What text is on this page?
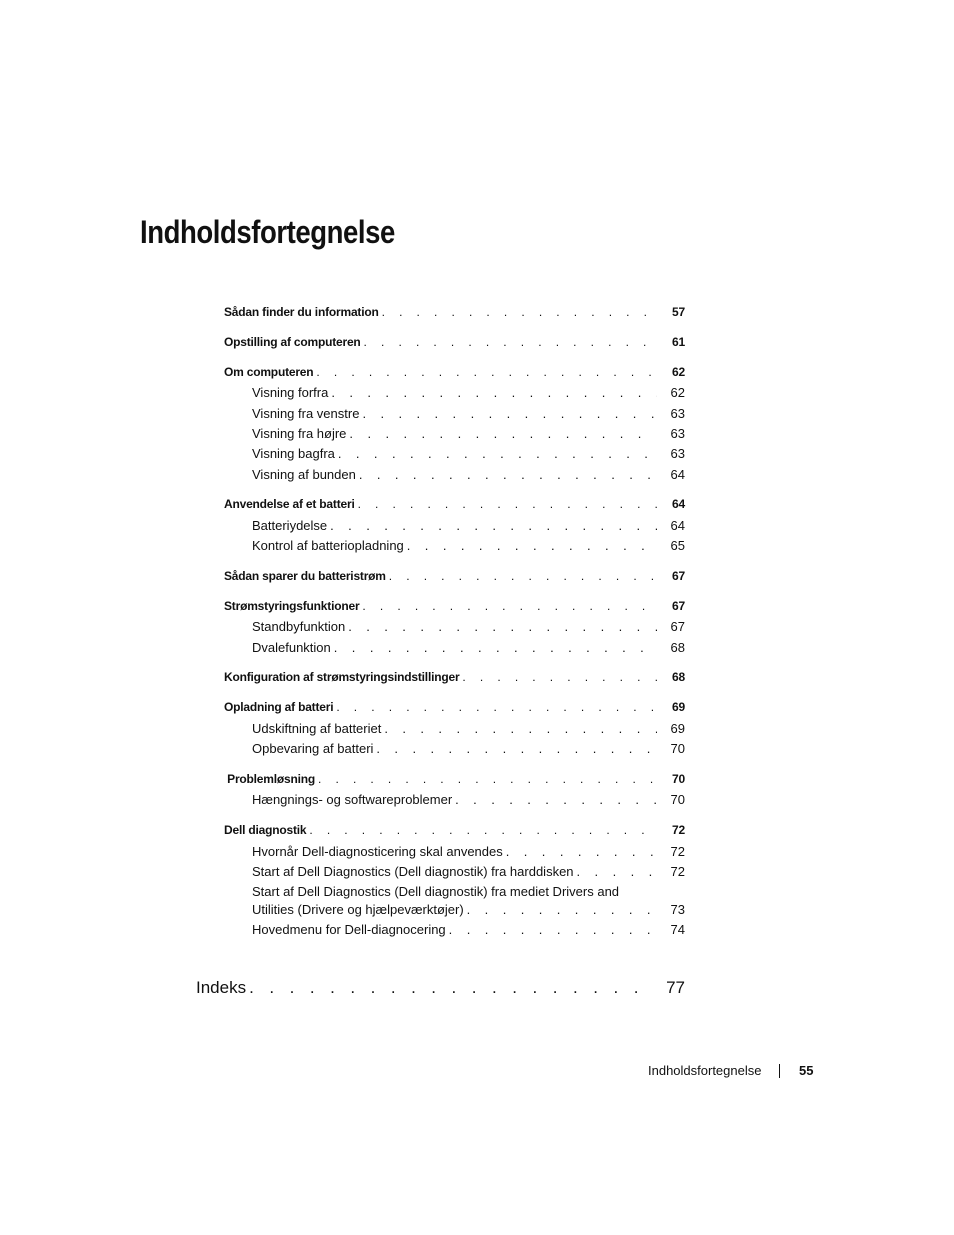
Indholdsfortegnelse
Sådan finder du information . . .	57
Opstilling af computeren . . .	61
Om computeren . . .	62
Visning forfra . . .	62
Visning fra venstre . . .	63
Visning fra højre . . .	63
Visning bagfra . . .	63
Visning af bunden . . .	64
Anvendelse af et batteri . . .	64
Batteriydelse . . .	64
Kontrol af batteriopladning . . .	65
Sådan sparer du batteristrøm . . .	67
Strømstyringsfunktioner . . .	67
Standbyfunktion . . .	67
Dvalefunktion . . .	68
Konfiguration af strømstyringsindstillinger . . .	68
Opladning af batteri . . .	69
Udskiftning af batteriet . . .	69
Opbevaring af batteri . . .	70
Problemløsning . . .	70
Hængnings- og softwareproblemer . . .	70
Dell diagnostik . . .	72
Hvornår Dell-diagnosticering skal anvendes . . .	72
Start af Dell Diagnostics (Dell diagnostik) fra harddisken . . .	72
Start af Dell Diagnostics (Dell diagnostik) fra mediet Drivers and
Utilities (Drivere og hjælpeværktøjer) . . .	73
Hovedmenu for Dell-diagnocering . . .	74
Indeks . . .	77
Indholdsfortegnelse	55
